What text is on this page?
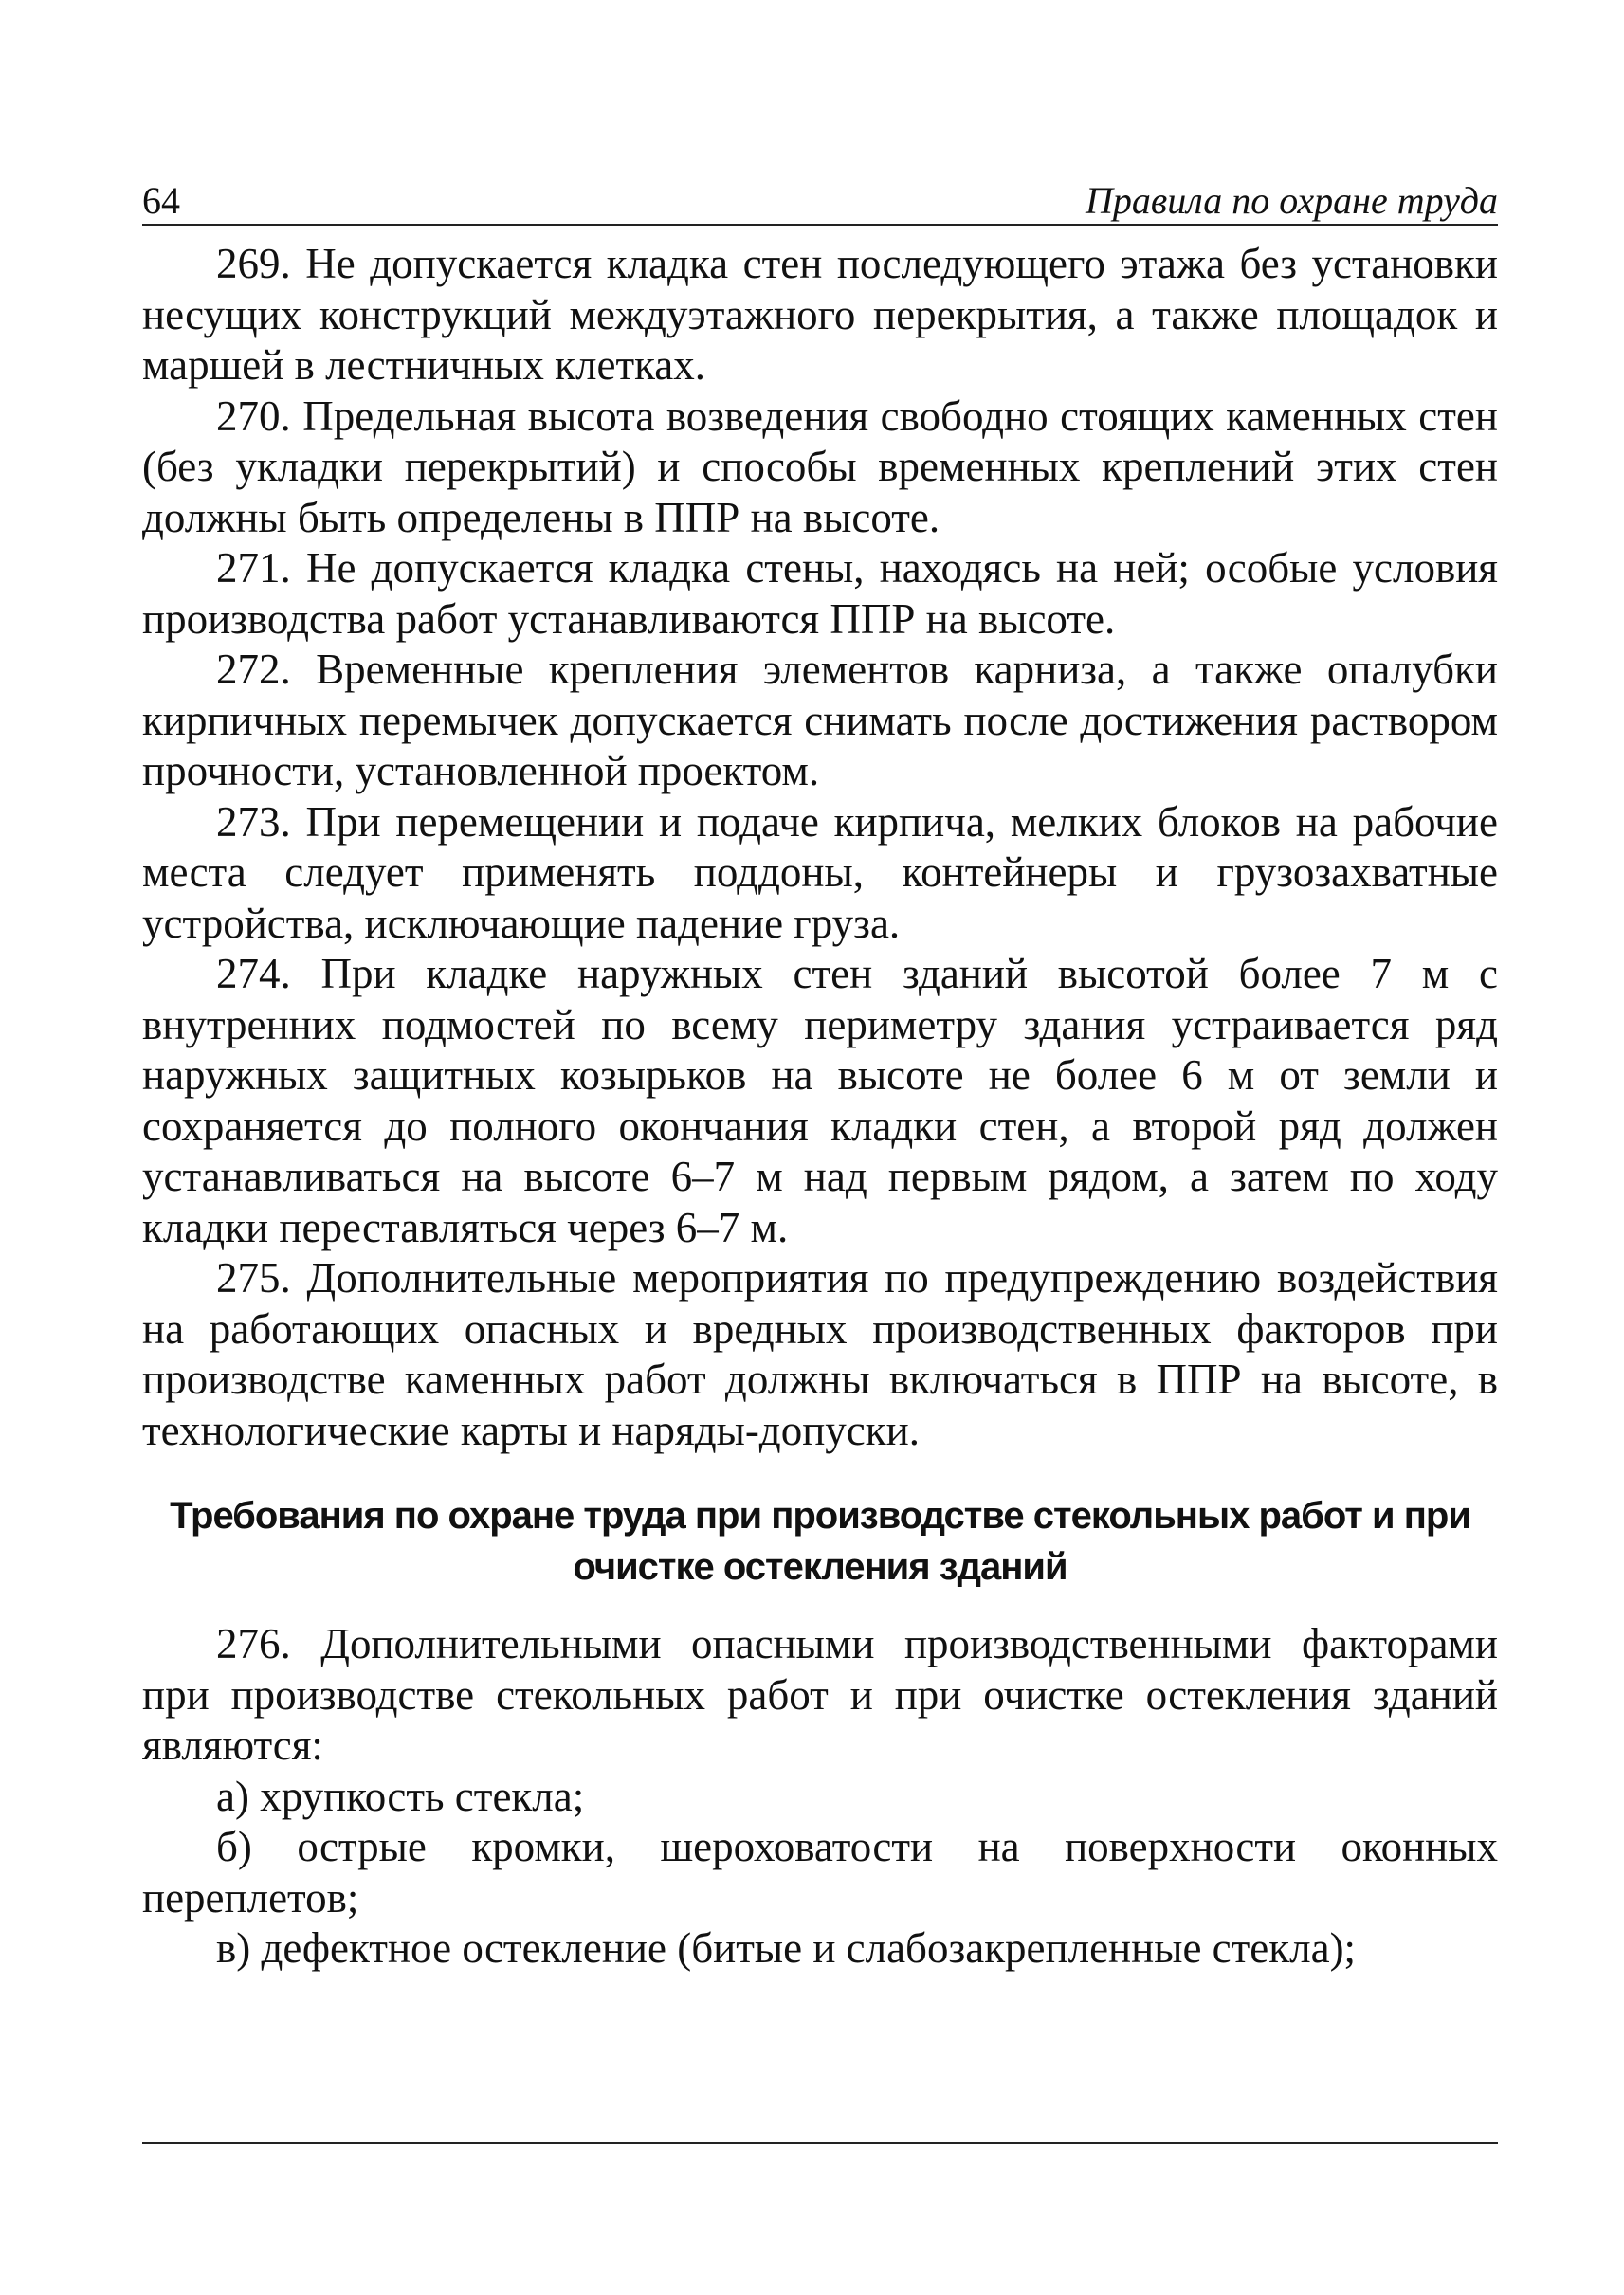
64	Правила по охране труда

269. Не допускается кладка стен последующего этажа без установки несущих конструкций междуэтажного перекрытия, а также площадок и маршей в лестничных клетках.

270. Предельная высота возведения свободно стоящих каменных стен (без укладки перекрытий) и способы временных креплений этих стен должны быть определены в ППР на высоте.

271. Не допускается кладка стены, находясь на ней; особые условия производства работ устанавливаются ППР на высоте.

272. Временные крепления элементов карниза, а также опалубки кирпичных перемычек допускается снимать после достижения раствором прочности, установленной проектом.

273. При перемещении и подаче кирпича, мелких блоков на рабочие места следует применять поддоны, контейнеры и грузозахватные устройства, исключающие падение груза.

274. При кладке наружных стен зданий высотой более 7 м с внутренних подмостей по всему периметру здания устраивается ряд наружных защитных козырьков на высоте не более 6 м от земли и сохраняется до полного окончания кладки стен, а второй ряд должен устанавливаться на высоте 6–7 м над первым рядом, а затем по ходу кладки переставляться через 6–7 м.

275. Дополнительные мероприятия по предупреждению воздействия на работающих опасных и вредных производственных факторов при производстве каменных работ должны включаться в ППР на высоте, в технологические карты и наряды-допуски.

Требования по охране труда при производстве стекольных работ и при очистке остекления зданий

276. Дополнительными опасными производственными факторами при производстве стекольных работ и при очистке остекления зданий являются:

а) хрупкость стекла;

б) острые кромки, шероховатости на поверхности оконных переплетов;

в) дефектное остекление (битые и слабозакрепленные стекла);
